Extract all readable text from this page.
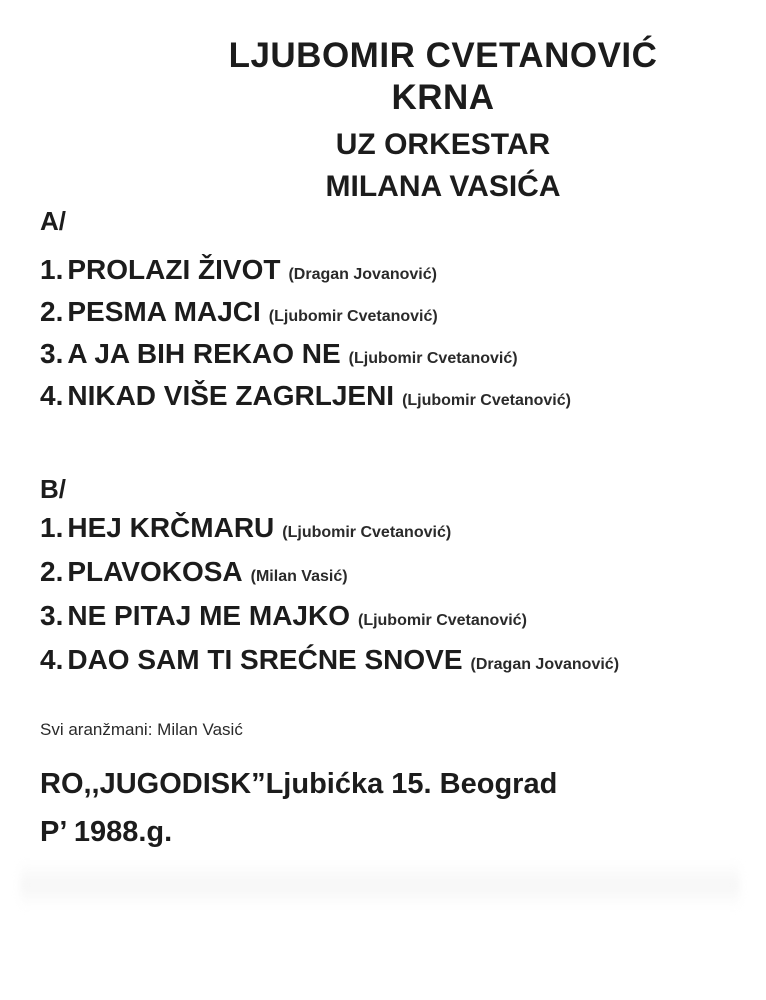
LJUBOMIR CVETANOVIĆ
KRNA
UZ ORKESTAR
MILANA VASIĆA
A/
1. PROLAZI ŽIVOT (Dragan Jovanović)
2. PESMA MAJCI (Ljubomir Cvetanović)
3. A JA BIH REKAO NE (Ljubomir Cvetanović)
4. NIKAD VIŠE ZAGRLJENI (Ljubomir Cvetanović)
B/
1. HEJ KRČMARU (Ljubomir Cvetanović)
2. PLAVOKOSA (Milan Vasić)
3. NE PITAJ ME MAJKO (Ljubomir Cvetanović)
4. DAO SAM TI SREĆNE SNOVE (Dragan Jovanović)
Svi aranžmani: Milan Vasić
RO,,JUGODISK”Ljubićka 15. Beograd
P’ 1988.g.
